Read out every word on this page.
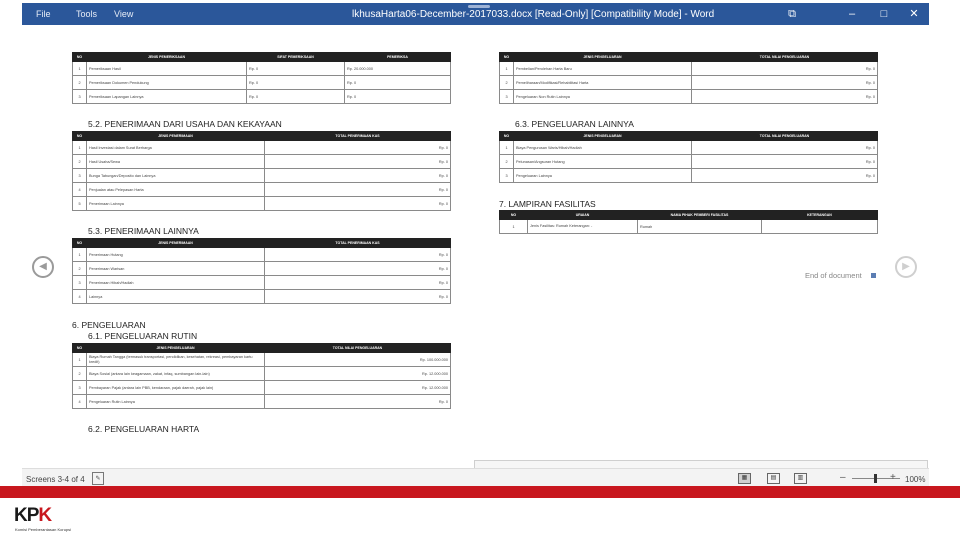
File	Tools View	lkhusaHarta06-December-2017033.docx [Read-Only] [Compatibility Mode] - Word	⧉	–	□	✕
◀	▶
NO	JENIS PEMERIKSAAN	SIFAT PEMERIKSAAN	PEMERIKSA
1	Pemeriksaan Hasil	Rp. 0	Rp. 20.000.000
2	Pemeriksaan Dokumen Pendukung	Rp. 0	Rp. 0
3	Pemeriksaan Lapangan Lainnya	Rp. 0	Rp. 0
5.2. PENERIMAAN DARI USAHA DAN KEKAYAAN
NO	JENIS PENERIMAAN	TOTAL PENERIMAAN KAS
1	Hasil Investasi dalam Surat Berharga	Rp. 0
2	Hasil Usaha/Sewa	Rp. 0
3	Bunga Tabungan/Deposito dan Lainnya	Rp. 0
4	Penjualan atau Pelepasan Harta	Rp. 0
5	Penerimaan Lainnya	Rp. 0
5.3. PENERIMAAN LAINNYA
NO	JENIS PENERIMAAN	TOTAL PENERIMAAN KAS
1	Penerimaan Hutang	Rp. 0
2	Penerimaan Warisan	Rp. 0
3	Penerimaan Hibah/Hadiah	Rp. 0
4	Lainnya	Rp. 0
6. PENGELUARAN
6.1. PENGELUARAN RUTIN
NO	JENIS PENGELUARAN	TOTAL NILAI PENGELUARAN
1	Biaya Rumah Tangga (termasuk transportasi, pendidikan, kesehatan, rekreasi, pembayaran kartu kredit)	Rp. 100.000.000
2	Biaya Sosial (antara lain keagamaan, zakat, infaq, sumbangan lain-lain)	Rp. 12.000.000
3	Pembayaran Pajak (antara lain PBB, kendaraan, pajak daerah, pajak lain)	Rp. 12.000.000
4	Pengeluaran Rutin Lainnya	Rp. 0
6.2. PENGELUARAN HARTA
NO	JENIS PENGELUARAN	TOTAL NILAI PENGELUARAN
1	Pembelian/Perolehan Harta Baru	Rp. 0
2	Pemeliharaan/Modifikasi/Rehabilitasi Harta	Rp. 0
3	Pengeluaran Non Rutin Lainnya	Rp. 0
6.3. PENGELUARAN LAINNYA
NO	JENIS PENGELUARAN	TOTAL NILAI PENGELUARAN
1	Biaya Pengurusan Waris/Hibah/Hadiah	Rp. 0
2	Pelunasan/Angsuran Hutang	Rp. 0
3	Pengeluaran Lainnya	Rp. 0
7. LAMPIRAN FASILITAS
NO	URAIAN	NAMA PIHAK PEMBERI FASILITAS	KETERANGAN
1	Jenis Fasilitas: Rumah Keterangan: -	Rumah	
End of document
Screens 3-4 of 4	✎	▦	▤	▥	–	+ 100%
KPK
Komisi Pemberantasan Korupsi
